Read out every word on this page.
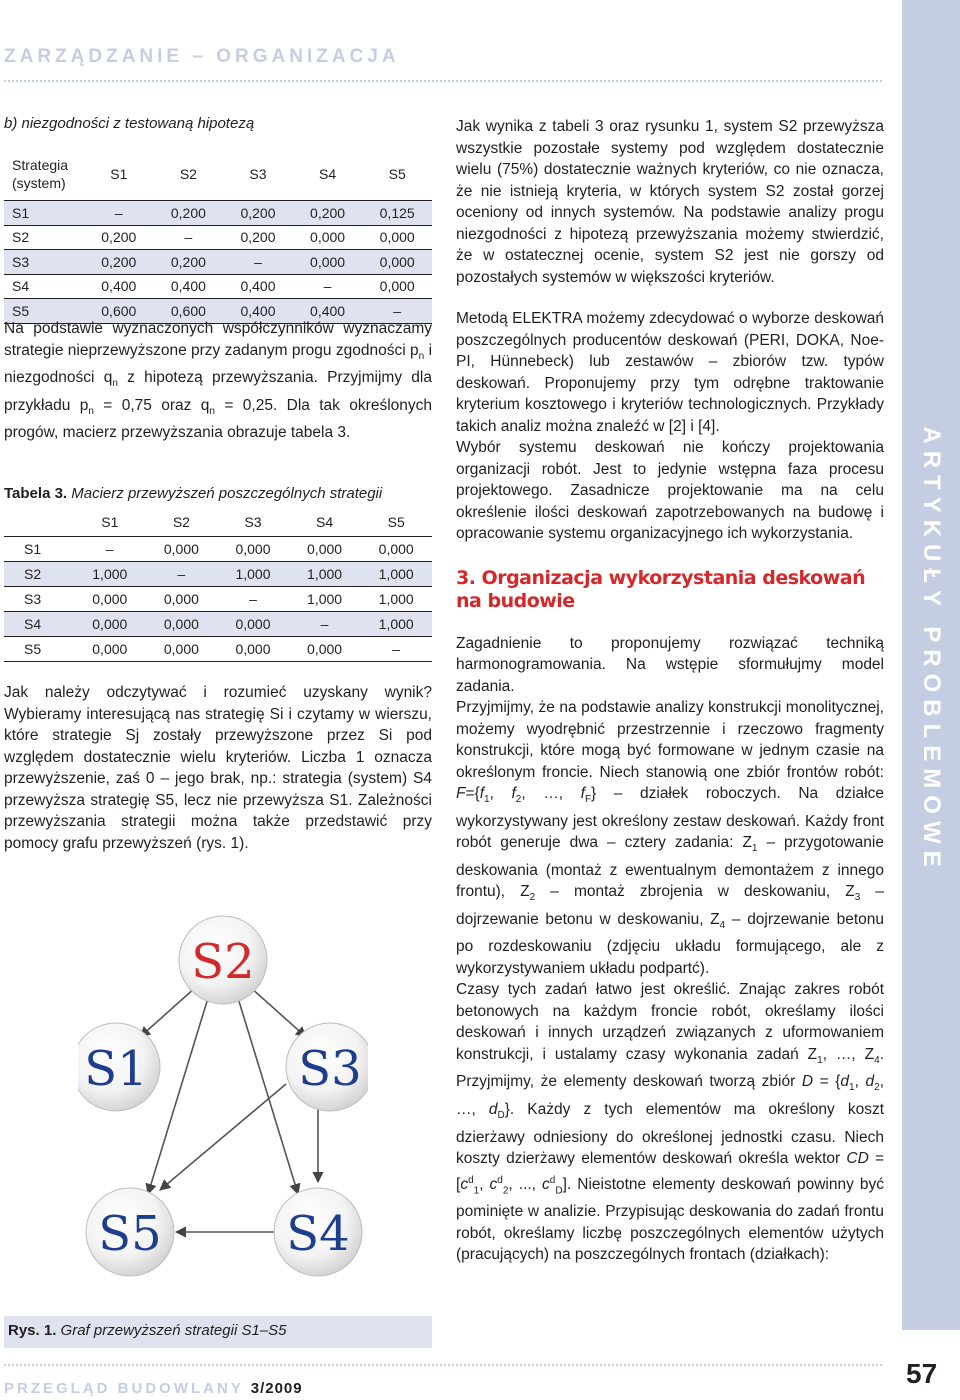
ZARZĄDZANIE – ORGANIZACJA
ARTYKUŁY PROBLEMOWE
b) niezgodności z testowaną hipotezą
Strategia (system)	S1	S2	S3	S4	S5
S1	–	0,200	0,200	0,200	0,125
S2	0,200	–	0,200	0,000	0,000
S3	0,200	0,200	–	0,000	0,000
S4	0,400	0,400	0,400	–	0,000
S5	0,600	0,600	0,400	0,400	–

Na podstawie wyznaczonych współczynników wyznaczamy strategie nieprzewyższone przy zadanym progu zgodności $p_n$ i niezgodności $q_n$ z hipotezą przewyższania. Przyjmijmy dla przykładu $p_n = 0,75$ oraz $q_n = 0,25$. Dla tak określonych progów, macierz przewyższania obrazuje tabela 3.

Tabela 3. Macierz przewyższeń poszczególnych strategii
	S1	S2	S3	S4	S5
S1	–	0,000	0,000	0,000	0,000
S2	1,000	–	1,000	1,000	1,000
S3	0,000	0,000	–	1,000	1,000
S4	0,000	0,000	0,000	–	1,000
S5	0,000	0,000	0,000	0,000	–

Jak należy odczytywać i rozumieć uzyskany wynik? Wybieramy interesującą nas strategię Si i czytamy w wierszu, które strategie Sj zostały przewyższone przez Si pod względem dostatecznie wielu kryteriów. Liczba 1 oznacza przewyższenie, zaś 0 – jego brak, np.: strategia (system) S4 przewyższa strategię S5, lecz nie przewyższa S1. Zależności przewyższania strategii można także przedstawić przy pomocy grafu przewyższeń (rys. 1).

S2
S1	S3
S5	S4
Rys. 1. Graf przewyższeń strategii S1–S5

Jak wynika z tabeli 3 oraz rysunku 1, system S2 przewyższa wszystkie pozostałe systemy pod względem dostatecznie wielu (75%) dostatecznie ważnych kryteriów, co nie oznacza, że nie istnieją kryteria, w których system S2 został gorzej oceniony od innych systemów. Na podstawie analizy progu niezgodności z hipotezą przewyższania możemy stwierdzić, że w ostatecznej ocenie, system S2 jest nie gorszy od pozostałych systemów w większości kryteriów.

Metodą ELEKTRA możemy zdecydować o wyborze deskowań poszczególnych producentów deskowań (PERI, DOKA, Noe-PI, Hünnebeck) lub zestawów – zbiorów tzw. typów deskowań. Proponujemy przy tym odrębne traktowanie kryterium kosztowego i kryteriów technologicznych. Przykłady takich analiz można znaleźć w [2] i [4].

Wybór systemu deskowań nie kończy projektowania organizacji robót. Jest to jedynie wstępna faza procesu projektowego. Zasadnicze projektowanie ma na celu określenie ilości deskowań zapotrzebowanych na budowę i opracowanie systemu organizacyjnego ich wykorzystania.

3. Organizacja wykorzystania deskowań na budowie

Zagadnienie to proponujemy rozwiązać techniką harmonogramowania. Na wstępie sformułujmy model zadania.

Przyjmijmy, że na podstawie analizy konstrukcji monolitycznej, możemy wyodrębnić przestrzennie i rzeczowo fragmenty konstrukcji, które mogą być formowane w jednym czasie na określonym froncie. Niech stanowią one zbiór frontów robót: $F=\{f_1$, $f_2$, …, $f_F$} – działek roboczych. Na działce wykorzystywany jest określony zestaw deskowań. Każdy front robót generuje dwa – cztery zadania: $Z_1$ – przygotowanie deskowania (montaż z ewentualnym demontażem z innego frontu), $Z_2$ – montaż zbrojenia w deskowaniu, $Z_3$ – dojrzewanie betonu w deskowaniu, $Z_4$ – dojrzewanie betonu po rozdeskowaniu (zdjęciu układu formującego, ale z wykorzystywaniem układu podpartć).

Czasy tych zadań łatwo jest określić. Znając zakres robót betonowych na każdym froncie robót, określamy ilości deskowań i innych urządzeń związanych z uformowaniem konstrukcji, i ustalamy czasy wykonania zadań $Z_1$, …, $Z_4$. Przyjmijmy, że elementy deskowań tworzą zbiór $D = \{d_1$, $d_2$, …, $d_D$}. Każdy z tych elementów ma określony koszt dzierżawy odniesiony do określonej jednostki czasu. Niech koszty dzierżawy elementów deskowań określa wektor CD = [$c^d_1$, $c^d_2$, ..., $c^d_D$]. Nieistotne elementy deskowań powinny być pominięte w analizie. Przypisując deskowania do zadań frontu robót, określamy liczbę poszczególnych elementów użytych (pracujących) na poszczególnych frontach (działkach):

PRZEGLĄD BUDOWLANY 3/2009	57
